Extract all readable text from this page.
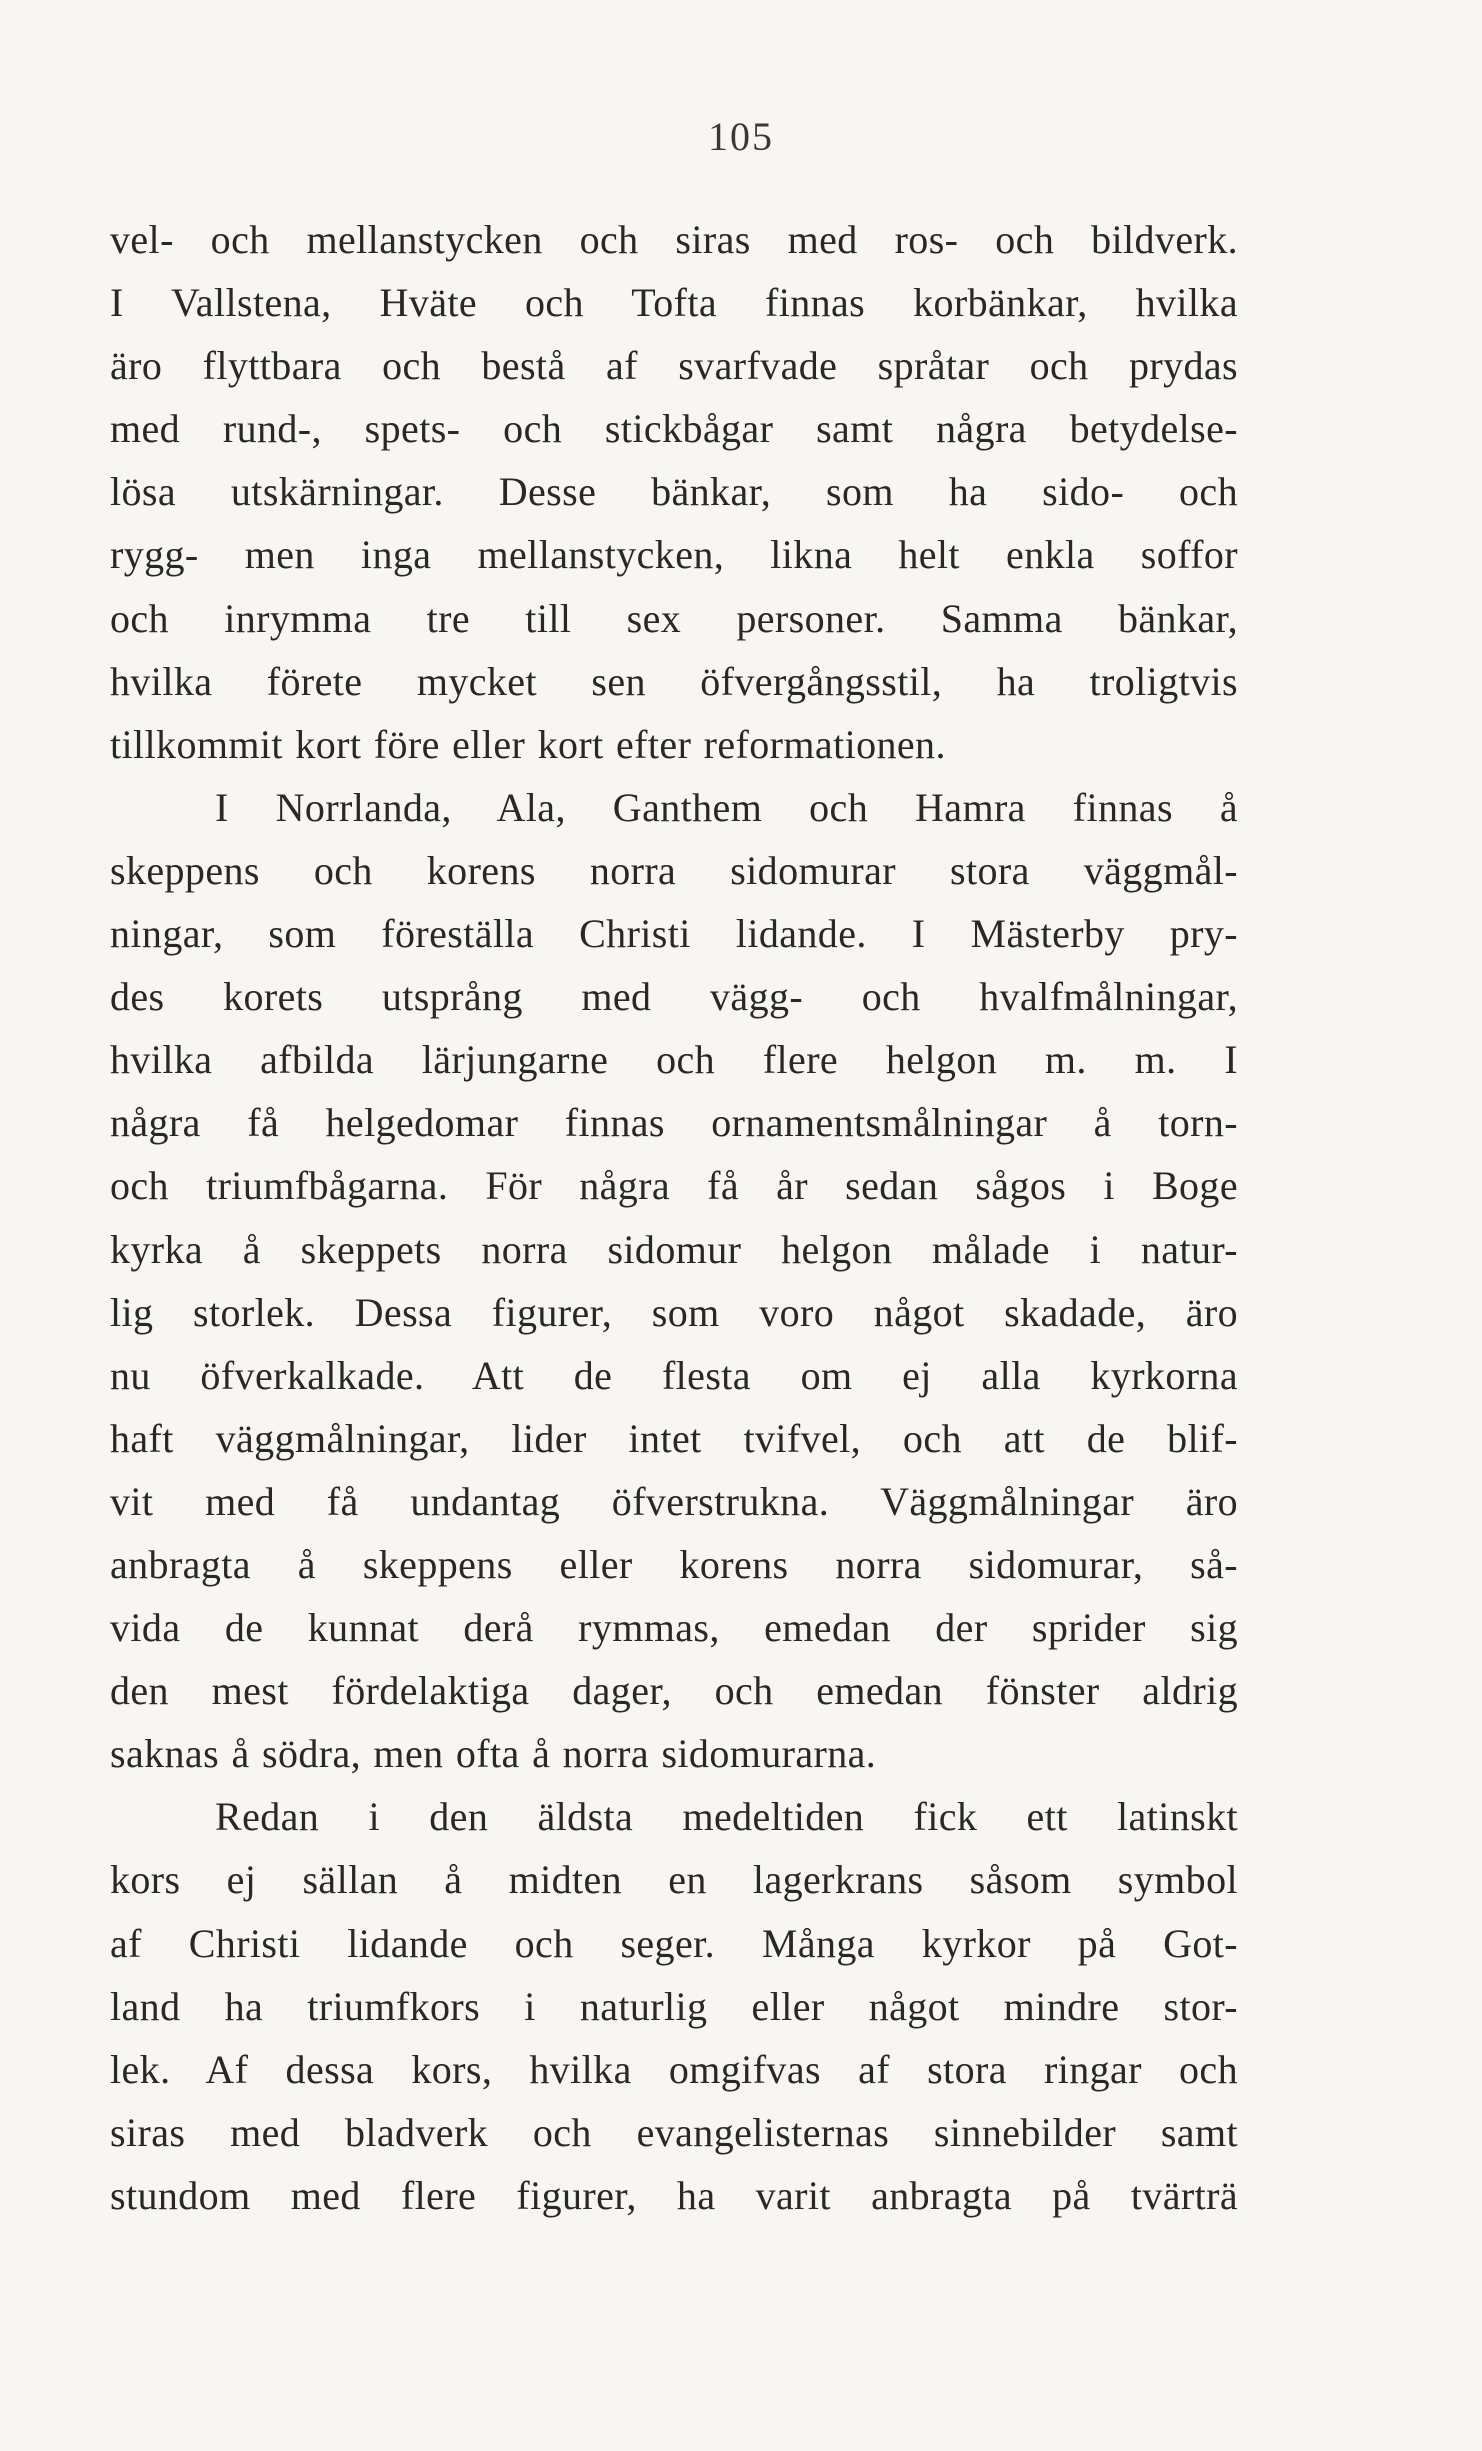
105
vel- och mellanstycken och siras med ros- och bildverk.
I Vallstena, Hväte och Tofta finnas korbänkar, hvilka
äro flyttbara och bestå af svarfvade språtar och prydas
med rund-, spets- och stickbågar samt några betydelse-
lösa utskärningar. Desse bänkar, som ha sido- och
rygg- men inga mellanstycken, likna helt enkla soffor
och inrymma tre till sex personer. Samma bänkar,
hvilka förete mycket sen öfvergångsstil, ha troligtvis
tillkommit kort före eller kort efter reformationen.
I Norrlanda, Ala, Ganthem och Hamra finnas å
skeppens och korens norra sidomurar stora väggmål-
ningar, som föreställa Christi lidande. I Mästerby pry-
des korets utsprång med vägg- och hvalfmålningar,
hvilka afbilda lärjungarne och flere helgon m. m. I
några få helgedomar finnas ornamentsmålningar å torn-
och triumfbågarna. För några få år sedan sågos i Boge
kyrka å skeppets norra sidomur helgon målade i natur-
lig storlek. Dessa figurer, som voro något skadade, äro
nu öfverkalkade. Att de flesta om ej alla kyrkorna
haft väggmålningar, lider intet tvifvel, och att de blif-
vit med få undantag öfverstrukna. Väggmålningar äro
anbragta å skeppens eller korens norra sidomurar, så-
vida de kunnat derå rymmas, emedan der sprider sig
den mest fördelaktiga dager, och emedan fönster aldrig
saknas å södra, men ofta å norra sidomurarna.
Redan i den äldsta medeltiden fick ett latinskt
kors ej sällan å midten en lagerkrans såsom symbol
af Christi lidande och seger. Många kyrkor på Got-
land ha triumfkors i naturlig eller något mindre stor-
lek. Af dessa kors, hvilka omgifvas af stora ringar och
siras med bladverk och evangelisternas sinnebilder samt
stundom med flere figurer, ha varit anbragta på tvärträ
